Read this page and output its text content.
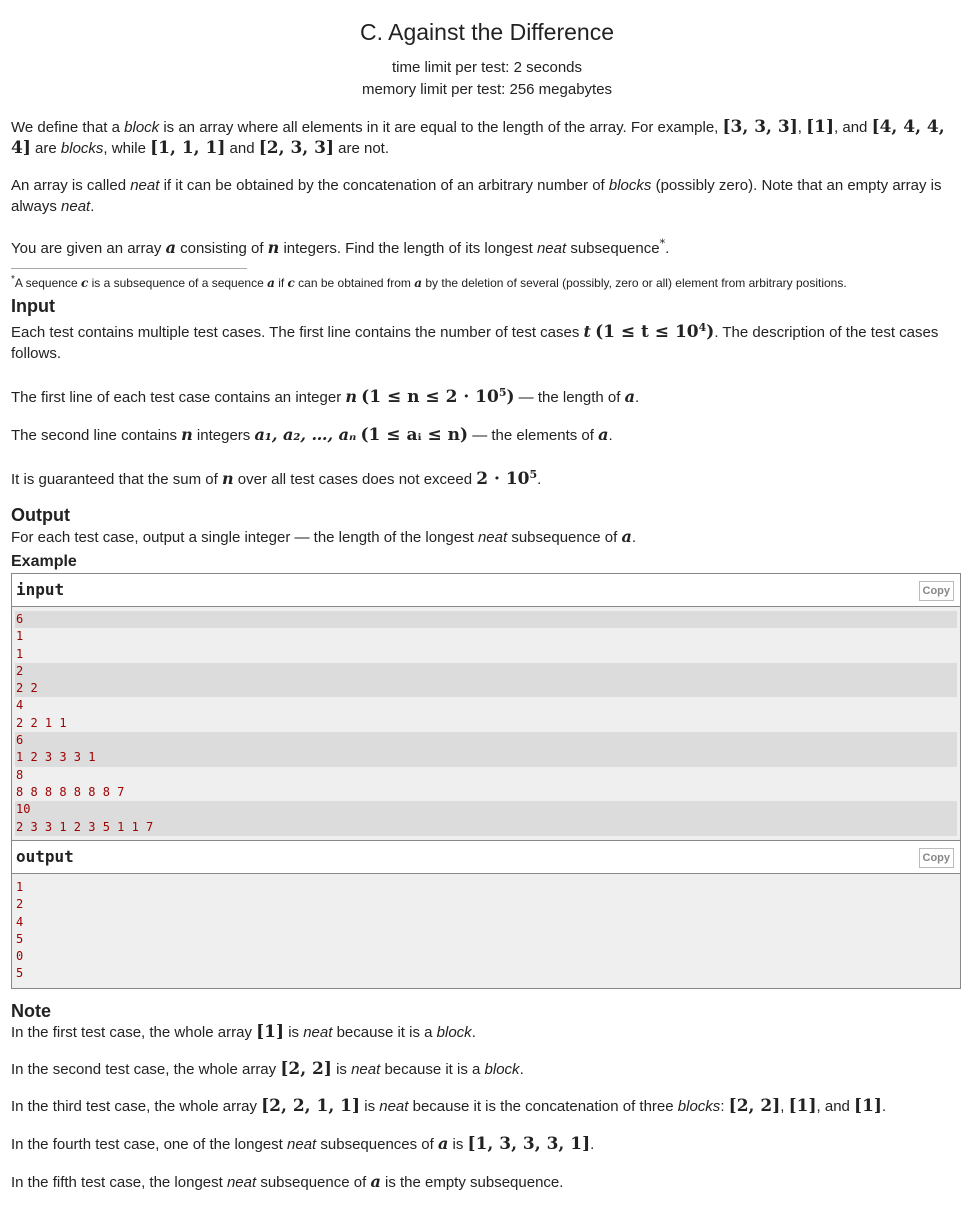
C. Against the Difference
time limit per test: 2 seconds
memory limit per test: 256 megabytes

We define that a block is an array where all elements in it are equal to the length of the array. For example, [3, 3, 3], [1], and [4, 4, 4, 4] are blocks, while [1, 1, 1] and [2, 3, 3] are not.

An array is called neat if it can be obtained by the concatenation of an arbitrary number of blocks (possibly zero). Note that an empty array is always neat.

You are given an array a consisting of n integers. Find the length of its longest neat subsequence*.

*A sequence c is a subsequence of a sequence a if c can be obtained from a by the deletion of several (possibly, zero or all) element from arbitrary positions.
Input

Each test contains multiple test cases. The first line contains the number of test cases t $(1 \le t \le 10^4)$. The description of the test cases follows.

The first line of each test case contains an integer n $(1 \le n \le 2 \cdot 10^5)$ — the length of a.

The second line contains n integers a₁, a₂, …, aₙ (1 ≤ aᵢ ≤ n) — the elements of a.

It is guaranteed that the sum of n over all test cases does not exceed $2 \cdot 10^5$.

Output

For each test case, output a single integer — the length of the longest neat subsequence of a.

Example
input	Copy
6
1
1
2
2 2
4
2 2 1 1
6
1 2 3 3 3 1
8
8 8 8 8 8 8 8 7
10
2 3 3 1 2 3 5 1 1 7
output	Copy
1
2
4
5
0
5
Note

In the first test case, the whole array [1] is neat because it is a block.

In the second test case, the whole array [2, 2] is neat because it is a block.

In the third test case, the whole array [2, 2, 1, 1] is neat because it is the concatenation of three blocks: [2, 2], [1], and [1].

In the fourth test case, one of the longest neat subsequences of a is [1, 3, 3, 3, 1].

In the fifth test case, the longest neat subsequence of a is the empty subsequence.
